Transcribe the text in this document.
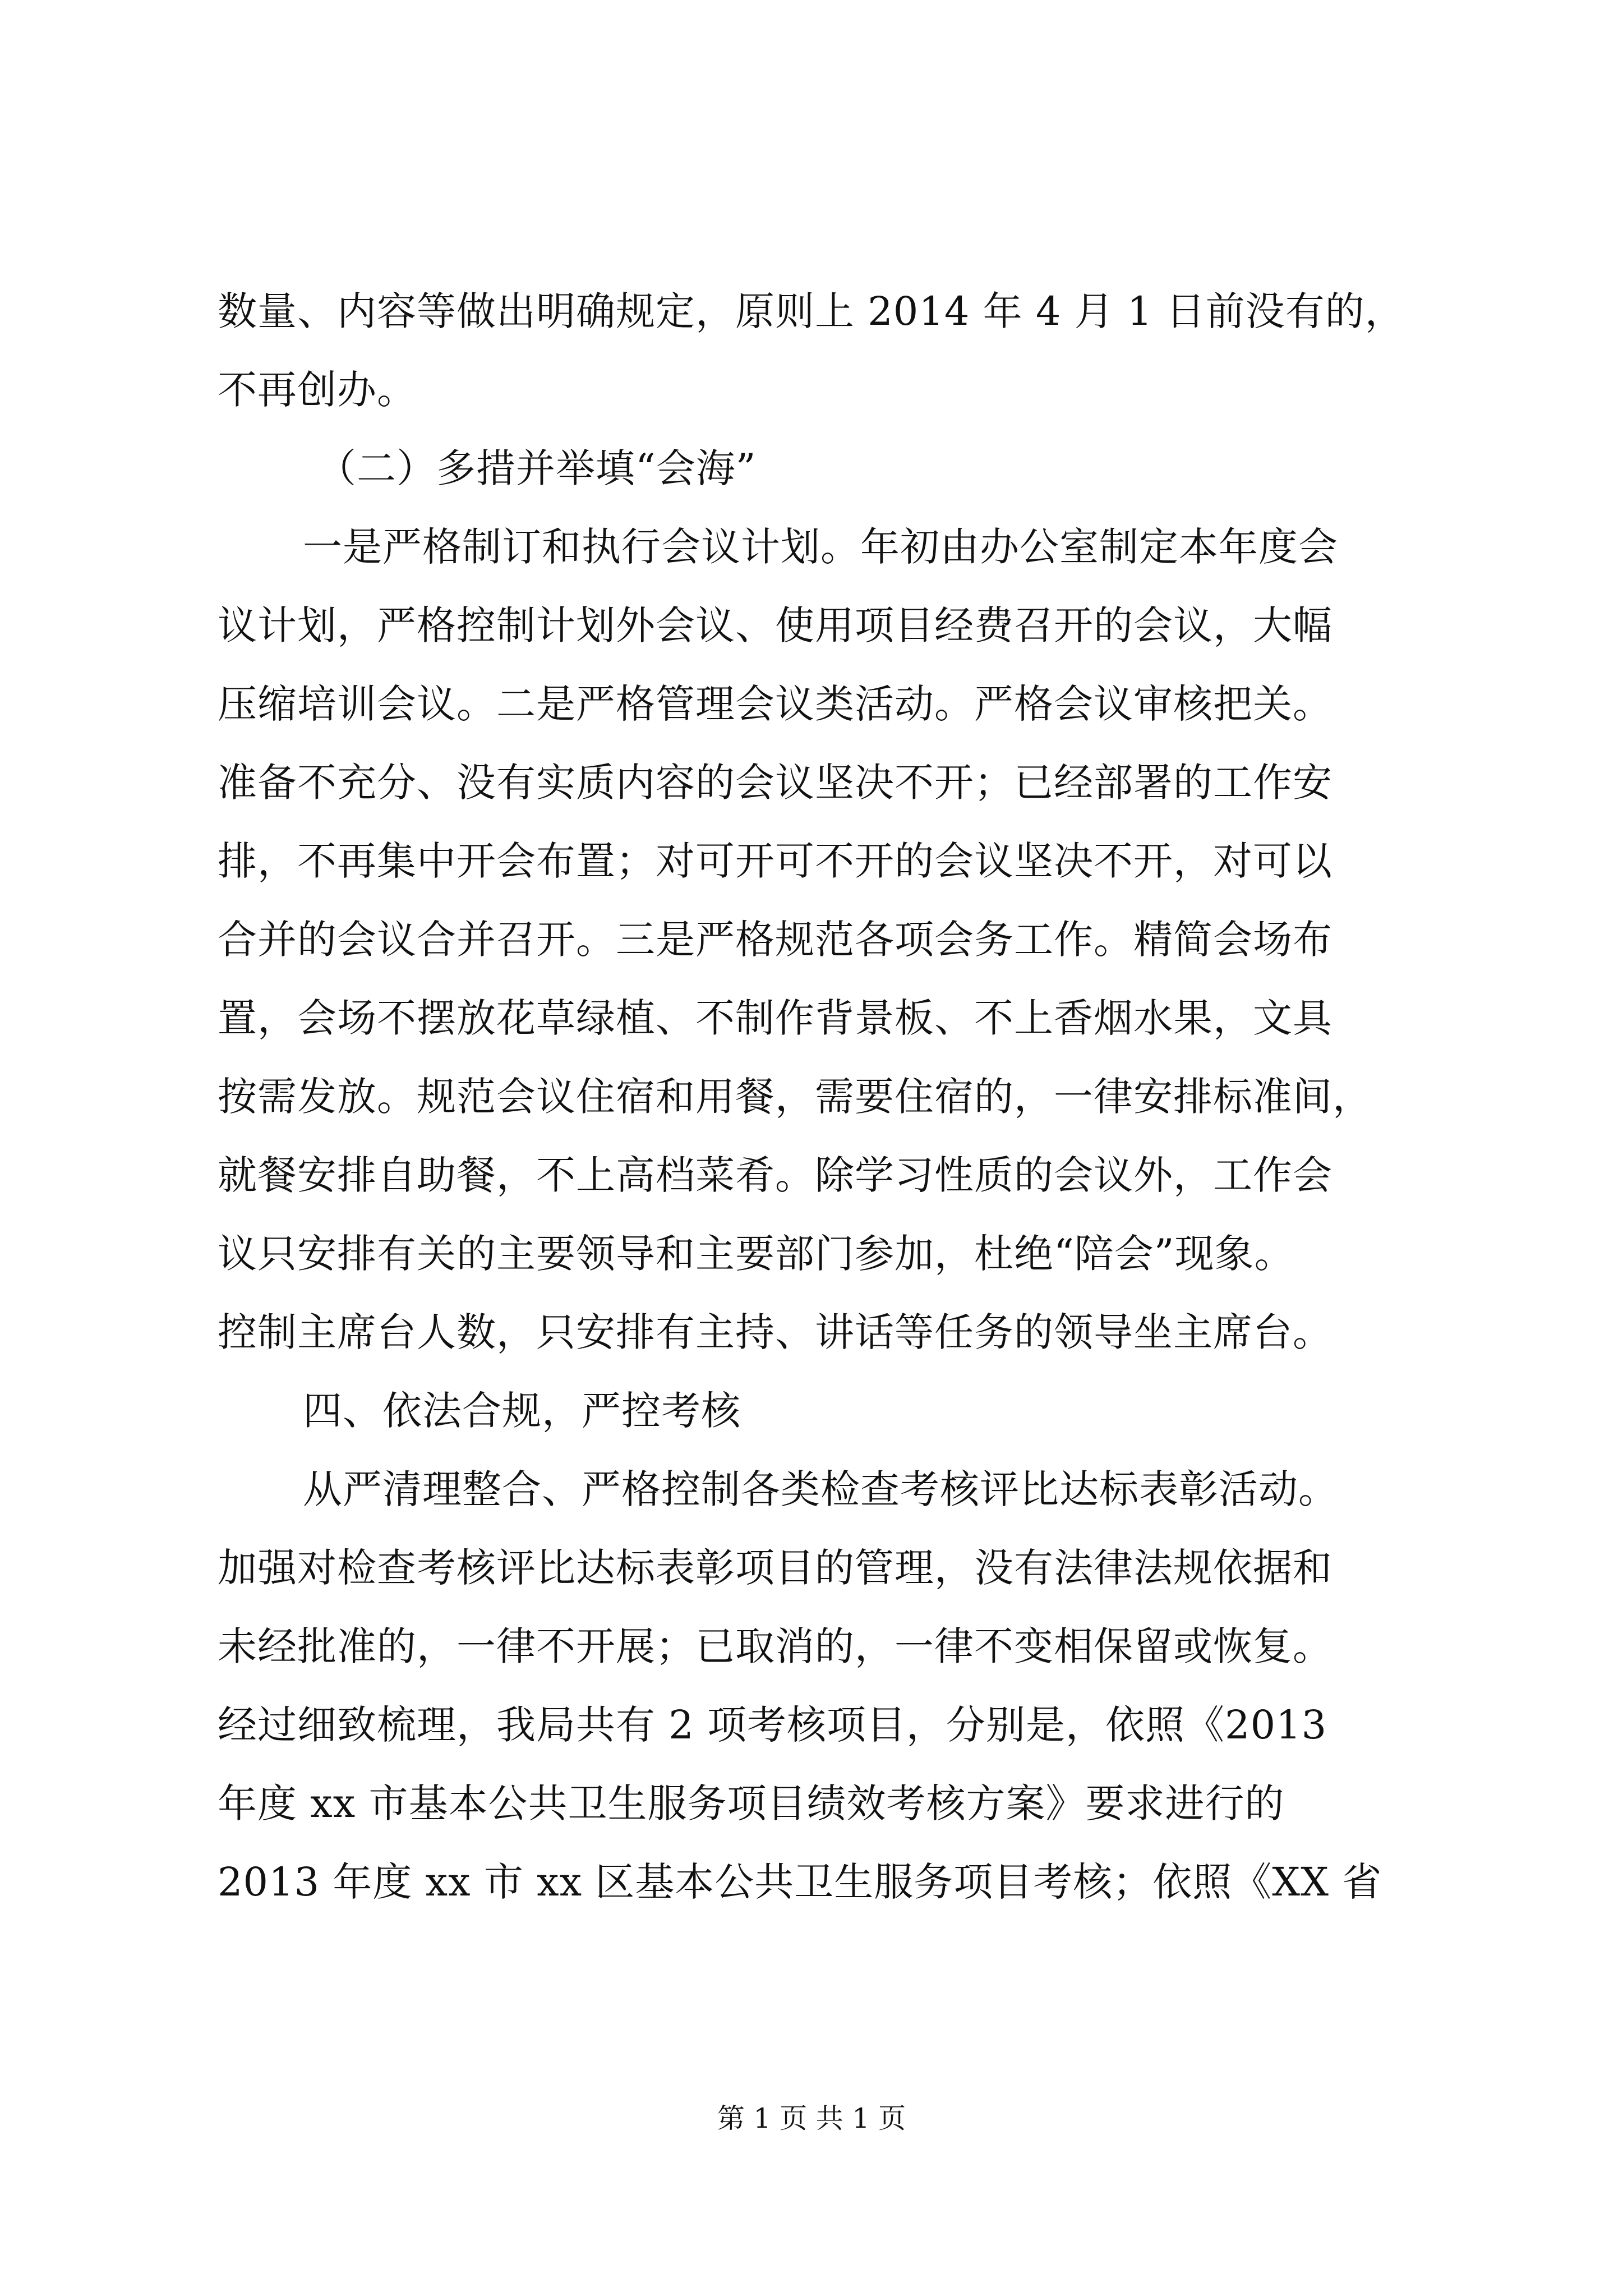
数量、内容等做出明确规定，原则上 2014 年 4 月 1 日前没有的，
不再创办。
（二）多措并举填“会海”
一是严格制订和执行会议计划。年初由办公室制定本年度会
议计划，严格控制计划外会议、使用项目经费召开的会议，大幅
压缩培训会议。二是严格管理会议类活动。严格会议审核把关。
准备不充分、没有实质内容的会议坚决不开；已经部署的工作安
排，不再集中开会布置；对可开可不开的会议坚决不开，对可以
合并的会议合并召开。三是严格规范各项会务工作。精简会场布
置，会场不摆放花草绿植、不制作背景板、不上香烟水果，文具
按需发放。规范会议住宿和用餐，需要住宿的，一律安排标准间，
就餐安排自助餐，不上高档菜肴。除学习性质的会议外，工作会
议只安排有关的主要领导和主要部门参加，杜绝“陪会”现象。
控制主席台人数，只安排有主持、讲话等任务的领导坐主席台。
四、依法合规，严控考核
从严清理整合、严格控制各类检查考核评比达标表彰活动。
加强对检查考核评比达标表彰项目的管理，没有法律法规依据和
未经批准的，一律不开展；已取消的，一律不变相保留或恢复。
经过细致梳理，我局共有 2 项考核项目，分别是，依照《2013
年度 xx 市基本公共卫生服务项目绩效考核方案》要求进行的
2013 年度 xx 市 xx 区基本公共卫生服务项目考核；依照《XX 省
第 1 页 共 1 页
